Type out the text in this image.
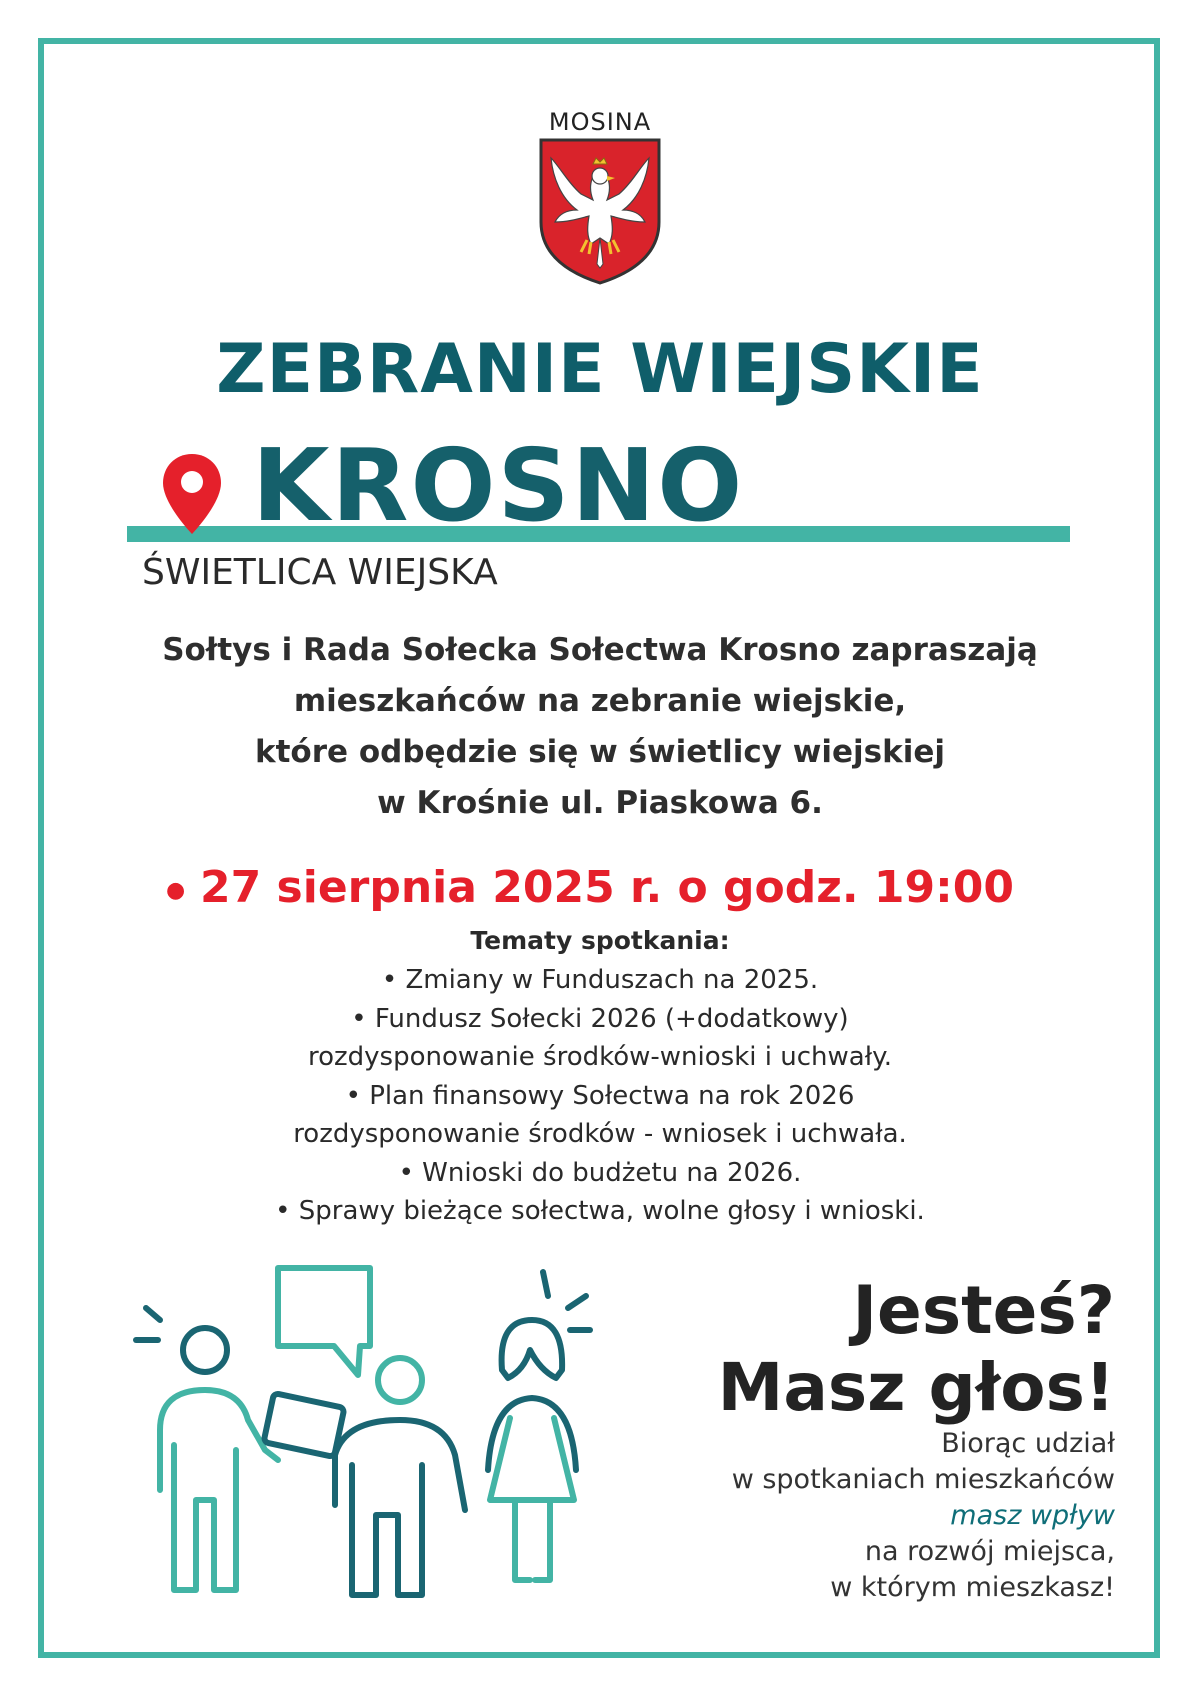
MOSINA
ZEBRANIE WIEJSKIE
KROSNO
ŚWIETLICA WIEJSKA
Sołtys i Rada Sołecka Sołectwa Krosno zapraszają
mieszkańców na zebranie wiejskie,
które odbędzie się w świetlicy wiejskiej
w Krośnie ul. Piaskowa 6.
● 27 sierpnia 2025 r. o godz. 19:00
Tematy spotkania:
• Zmiany w Funduszach na 2025.
• Fundusz Sołecki 2026 (+dodatkowy)
rozdysponowanie środków-wnioski i uchwały.
• Plan finansowy Sołectwa na rok 2026
rozdysponowanie środków - wniosek i uchwała.
• Wnioski do budżetu na 2026.
• Sprawy bieżące sołectwa, wolne głosy i wnioski.
Jesteś?
Masz głos!
Biorąc udział
w spotkaniach mieszkańców
masz wpływ
na rozwój miejsca,
w którym mieszkasz!
